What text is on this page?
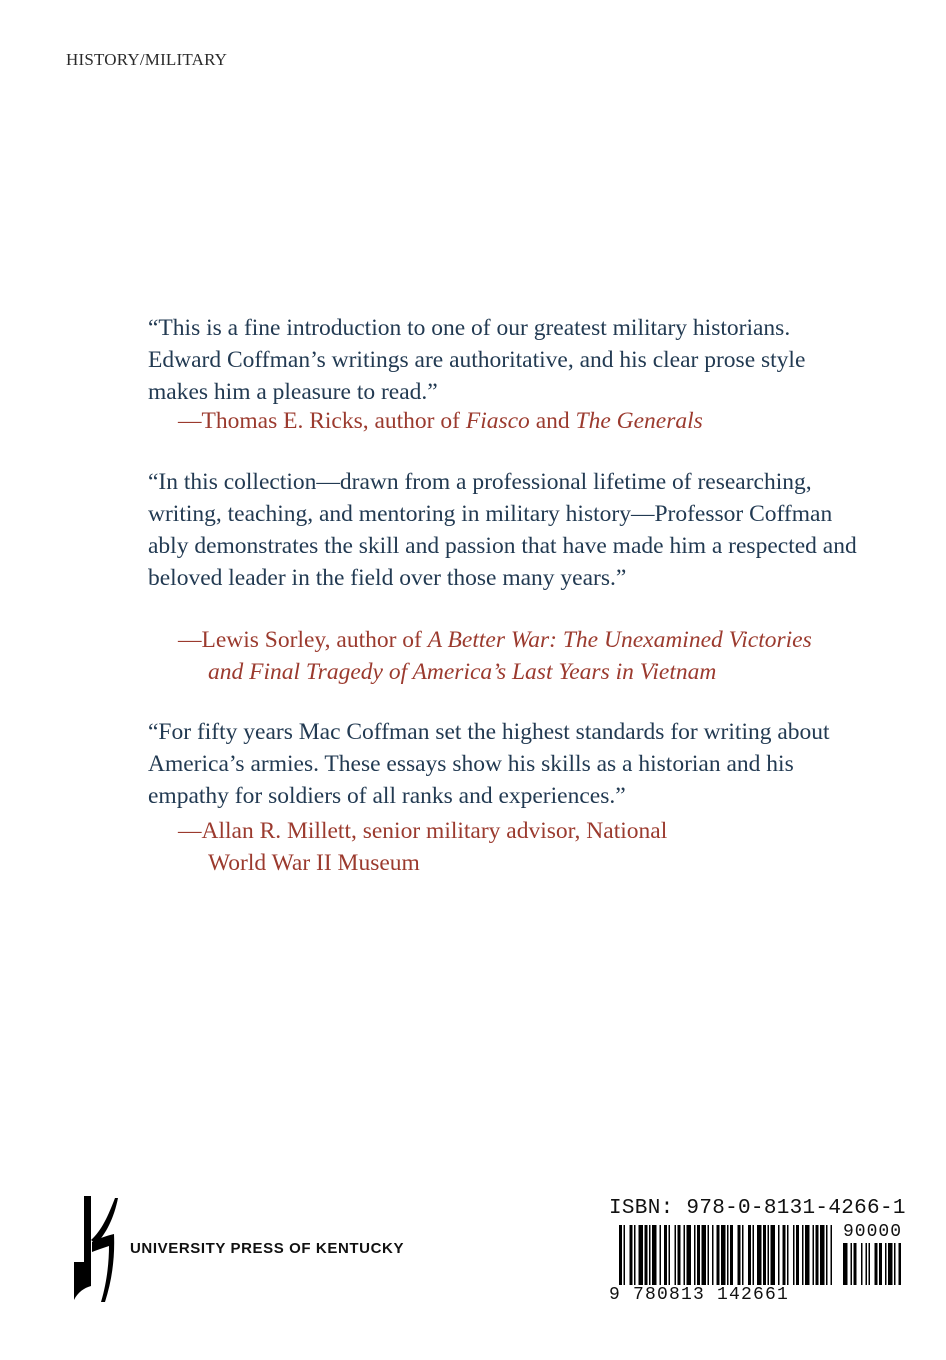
HISTORY/MILITARY

“This is a fine introduction to one of our greatest military historians. Edward Coffman’s writings are authoritative, and his clear prose style makes him a pleasure to read.”

—Thomas E. Ricks, author of Fiasco and The Generals

“In this collection—drawn from a professional lifetime of researching, writing, teaching, and mentoring in military history—Professor Coffman ably demonstrates the skill and passion that have made him a respected and beloved leader in the field over those many years.”

—Lewis Sorley, author of A Better War: The Unexamined Victories
and Final Tragedy of America’s Last Years in Vietnam

“For fifty years Mac Coffman set the highest standards for writing about America’s armies. These essays show his skills as a historian and his empathy for soldiers of all ranks and experiences.”

—Allan R. Millett, senior military advisor, National
World War II Museum

UNIVERSITY PRESS OF KENTUCKY

ISBN: 978-0-8131-4266-1

90000

9 780813 142661
